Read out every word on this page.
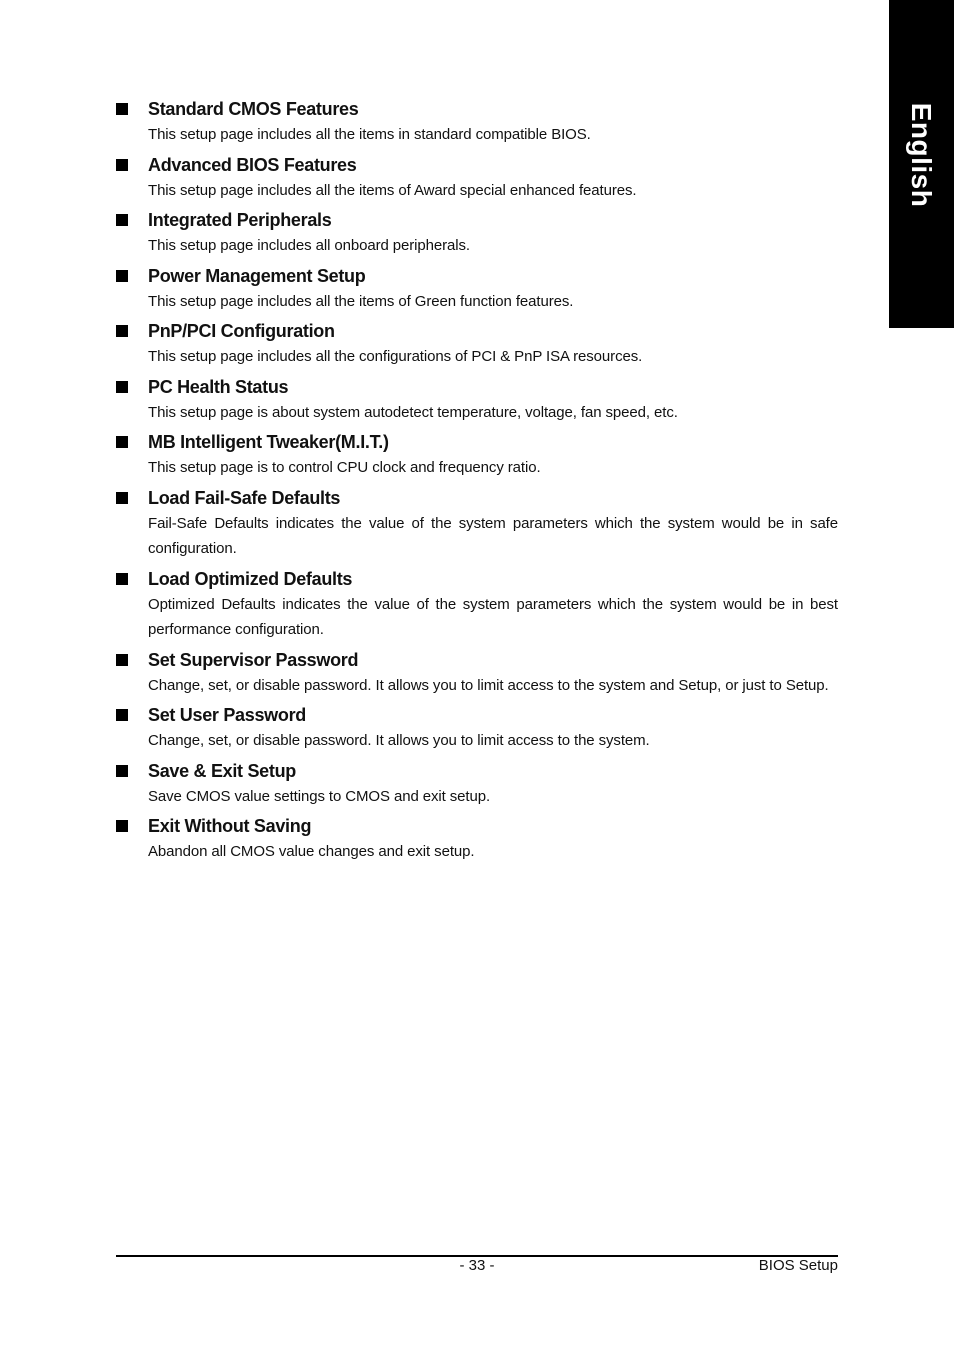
English
Standard CMOS Features
This setup page includes all the items in standard compatible BIOS.
Advanced BIOS Features
This setup page includes all the items of Award special enhanced features.
Integrated Peripherals
This setup page includes all onboard peripherals.
Power Management Setup
This setup page includes all the items of Green function features.
PnP/PCI Configuration
This setup page includes all the configurations of PCI & PnP ISA resources.
PC Health Status
This setup page is about system autodetect temperature, voltage, fan speed, etc.
MB Intelligent Tweaker(M.I.T.)
This setup page is to control CPU clock and frequency ratio.
Load Fail-Safe Defaults
Fail-Safe Defaults indicates the value of the system parameters which the system would be in safe configuration.
Load Optimized Defaults
Optimized Defaults indicates the value of the system parameters which the system would be in best performance configuration.
Set Supervisor Password
Change, set, or disable password. It allows you to limit access to the system and Setup, or just to Setup.
Set User Password
Change, set, or disable password. It allows you to limit access to the system.
Save & Exit Setup
Save CMOS value settings to CMOS and exit setup.
Exit Without Saving
Abandon all CMOS value changes and exit setup.
- 33 -	BIOS Setup
